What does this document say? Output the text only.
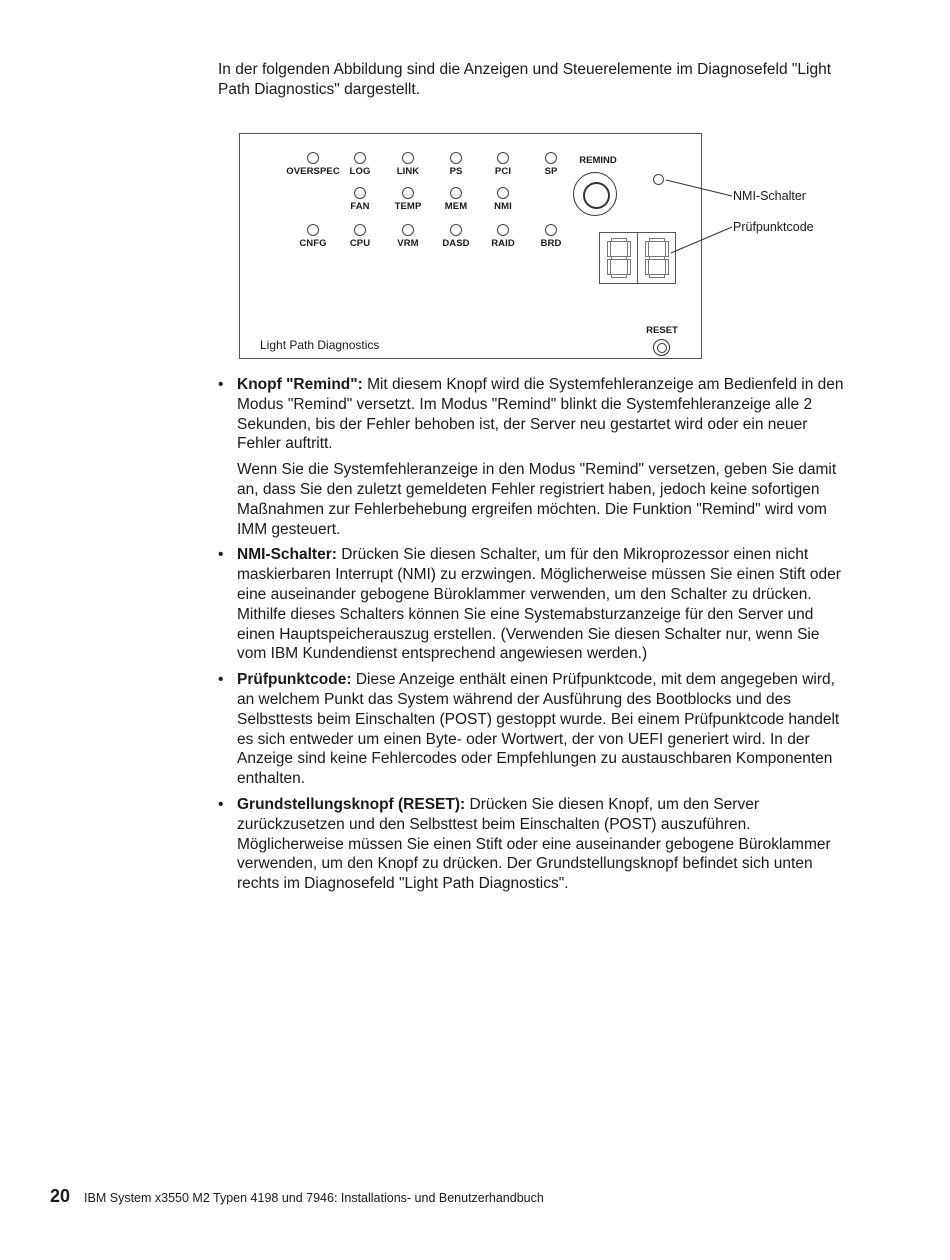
In der folgenden Abbildung sind die Anzeigen und Steuerelemente im Diagnosefeld "Light Path Diagnostics" dargestellt.

OVERSPEC	LOG	LINK	PS	PCI	SP
FAN	TEMP	MEM	NMI
CNFG	CPU	VRM	DASD	RAID	BRD
REMIND
RESET
Light Path Diagnostics
NMI-Schalter
Prüfpunktcode
• Knopf "Remind": Mit diesem Knopf wird die Systemfehleranzeige am Bedienfeld in den Modus "Remind" versetzt. Im Modus "Remind" blinkt die Systemfehleranzeige alle 2 Sekunden, bis der Fehler behoben ist, der Server neu gestartet wird oder ein neuer Fehler auftritt.

Wenn Sie die Systemfehleranzeige in den Modus "Remind" versetzen, geben Sie damit an, dass Sie den zuletzt gemeldeten Fehler registriert haben, jedoch keine sofortigen Maßnahmen zur Fehlerbehebung ergreifen möchten. Die Funktion "Remind" wird vom IMM gesteuert.

• NMI-Schalter: Drücken Sie diesen Schalter, um für den Mikroprozessor einen nicht maskierbaren Interrupt (NMI) zu erzwingen. Möglicherweise müssen Sie einen Stift oder eine auseinander gebogene Büroklammer verwenden, um den Schalter zu drücken. Mithilfe dieses Schalters können Sie eine Systemabsturzanzeige für den Server und einen Hauptspeicherauszug erstellen. (Verwenden Sie diesen Schalter nur, wenn Sie vom IBM Kundendienst entsprechend angewiesen werden.)

• Prüfpunktcode: Diese Anzeige enthält einen Prüfpunktcode, mit dem angegeben wird, an welchem Punkt das System während der Ausführung des Bootblocks und des Selbsttests beim Einschalten (POST) gestoppt wurde. Bei einem Prüfpunktcode handelt es sich entweder um einen Byte- oder Wortwert, der von UEFI generiert wird. In der Anzeige sind keine Fehlercodes oder Empfehlungen zu austauschbaren Komponenten enthalten.

• Grundstellungsknopf (RESET): Drücken Sie diesen Knopf, um den Server zurückzusetzen und den Selbsttest beim Einschalten (POST) auszuführen. Möglicherweise müssen Sie einen Stift oder eine auseinander gebogene Büroklammer verwenden, um den Knopf zu drücken. Der Grundstellungsknopf befindet sich unten rechts im Diagnosefeld "Light Path Diagnostics".

20 IBM System x3550 M2 Typen 4198 und 7946: Installations- und Benutzerhandbuch
